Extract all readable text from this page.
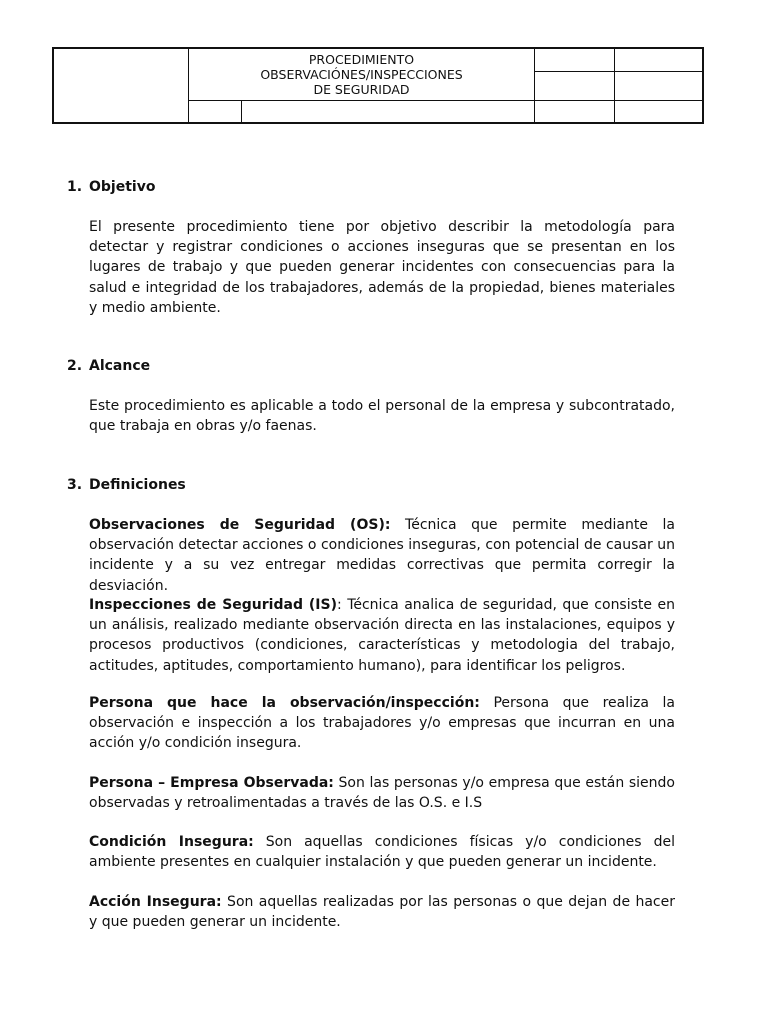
PROCEDIMIENTO
OBSERVACIÓNES/INSPECCIONES
DE SEGURIDAD
1. Objetivo
El presente procedimiento tiene por objetivo describir la metodología para detectar y registrar condiciones o acciones inseguras que se presentan en los lugares de trabajo y que pueden generar incidentes con consecuencias para la salud e integridad de los trabajadores, además de la propiedad, bienes materiales y medio ambiente.
2. Alcance
Este procedimiento es aplicable a todo el personal de la empresa y subcontratado, que trabaja en obras y/o faenas.
3. Definiciones
Observaciones de Seguridad (OS): Técnica que permite mediante la observación detectar acciones o condiciones inseguras, con potencial de causar un incidente y a su vez entregar medidas correctivas que permita corregir la desviación.
Inspecciones de Seguridad (IS): Técnica analica de seguridad, que consiste en un análisis, realizado mediante observación directa en las instalaciones, equipos y procesos productivos (condiciones, características y metodologia del trabajo, actitudes, aptitudes, comportamiento humano), para identificar los peligros.
Persona que hace la observación/inspección: Persona que realiza la observación e inspección a los trabajadores y/o empresas que incurran en una acción y/o condición insegura.
Persona – Empresa Observada: Son las personas y/o empresa que están siendo observadas y retroalimentadas a través de las O.S. e I.S
Condición Insegura: Son aquellas condiciones físicas y/o condiciones del ambiente presentes en cualquier instalación y que pueden generar un incidente.
Acción Insegura: Son aquellas realizadas por las personas o que dejan de hacer y que pueden generar un incidente.
